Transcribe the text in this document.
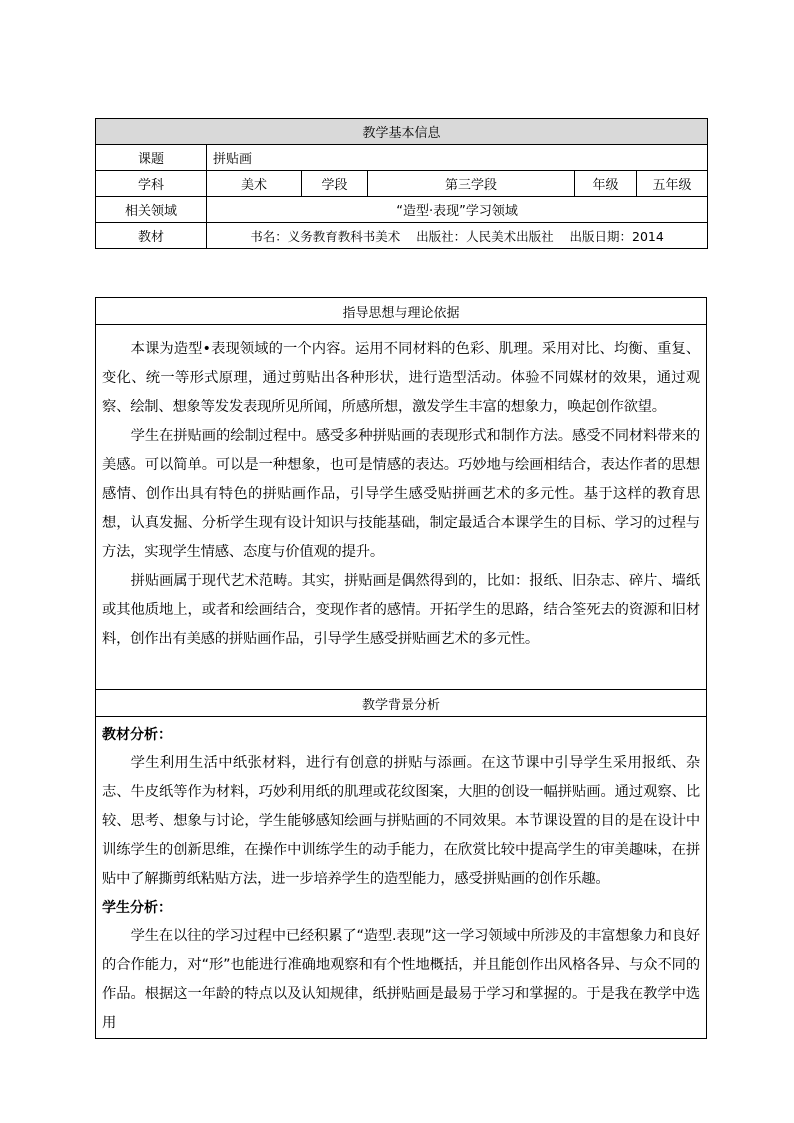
教学基本信息					
课题	拼贴画				
学科	美术	学段	第三学段	年级	五年级
相关领域	“造型·表现”学习领域				
教材	书名：义务教育教科书美术    出版社：人民美术出版社    出版日期：2014				
指导思想与理论依据

本课为造型•表现领域的一个内容。运用不同材料的色彩、肌理。采用对比、均衡、重复、变化、统一等形式原理，通过剪贴出各种形状，进行造型活动。体验不同媒材的效果，通过观察、绘制、想象等发发表现所见所闻，所感所想，激发学生丰富的想象力，唤起创作欲望。

学生在拼贴画的绘制过程中。感受多种拼贴画的表现形式和制作方法。感受不同材料带来的美感。可以简单。可以是一种想象，也可是情感的表达。巧妙地与绘画相结合，表达作者的思想感情、创作出具有特色的拼贴画作品，引导学生感受贴拼画艺术的多元性。基于这样的教育思想，认真发掘、分析学生现有设计知识与技能基础，制定最适合本课学生的目标、学习的过程与方法，实现学生情感、态度与价值观的提升。

拼贴画属于现代艺术范畴。其实，拼贴画是偶然得到的，比如：报纸、旧杂志、碎片、墙纸或其他质地上，或者和绘画结合，变现作者的感情。开拓学生的思路，结合筌死去的资源和旧材料，创作出有美感的拼贴画作品，引导学生感受拼贴画艺术的多元性。

教学背景分析

教材分析：

学生利用生活中纸张材料，进行有创意的拼贴与添画。在这节课中引导学生采用报纸、杂志、牛皮纸等作为材料，巧妙利用纸的肌理或花纹图案，大胆的创设一幅拼贴画。通过观察、比较、思考、想象与讨论，学生能够感知绘画与拼贴画的不同效果。本节课设置的目的是在设计中训练学生的创新思维，在操作中训练学生的动手能力，在欣赏比较中提高学生的审美趣味，在拼贴中了解撕剪纸粘贴方法，进一步培养学生的造型能力，感受拼贴画的创作乐趣。

学生分析：

学生在以往的学习过程中已经积累了“造型.表现”这一学习领域中所涉及的丰富想象力和良好的合作能力，对“形”也能进行准确地观察和有个性地概括，并且能创作出风格各异、与众不同的作品。根据这一年龄的特点以及认知规律，纸拼贴画是最易于学习和掌握的。于是我在教学中选用
